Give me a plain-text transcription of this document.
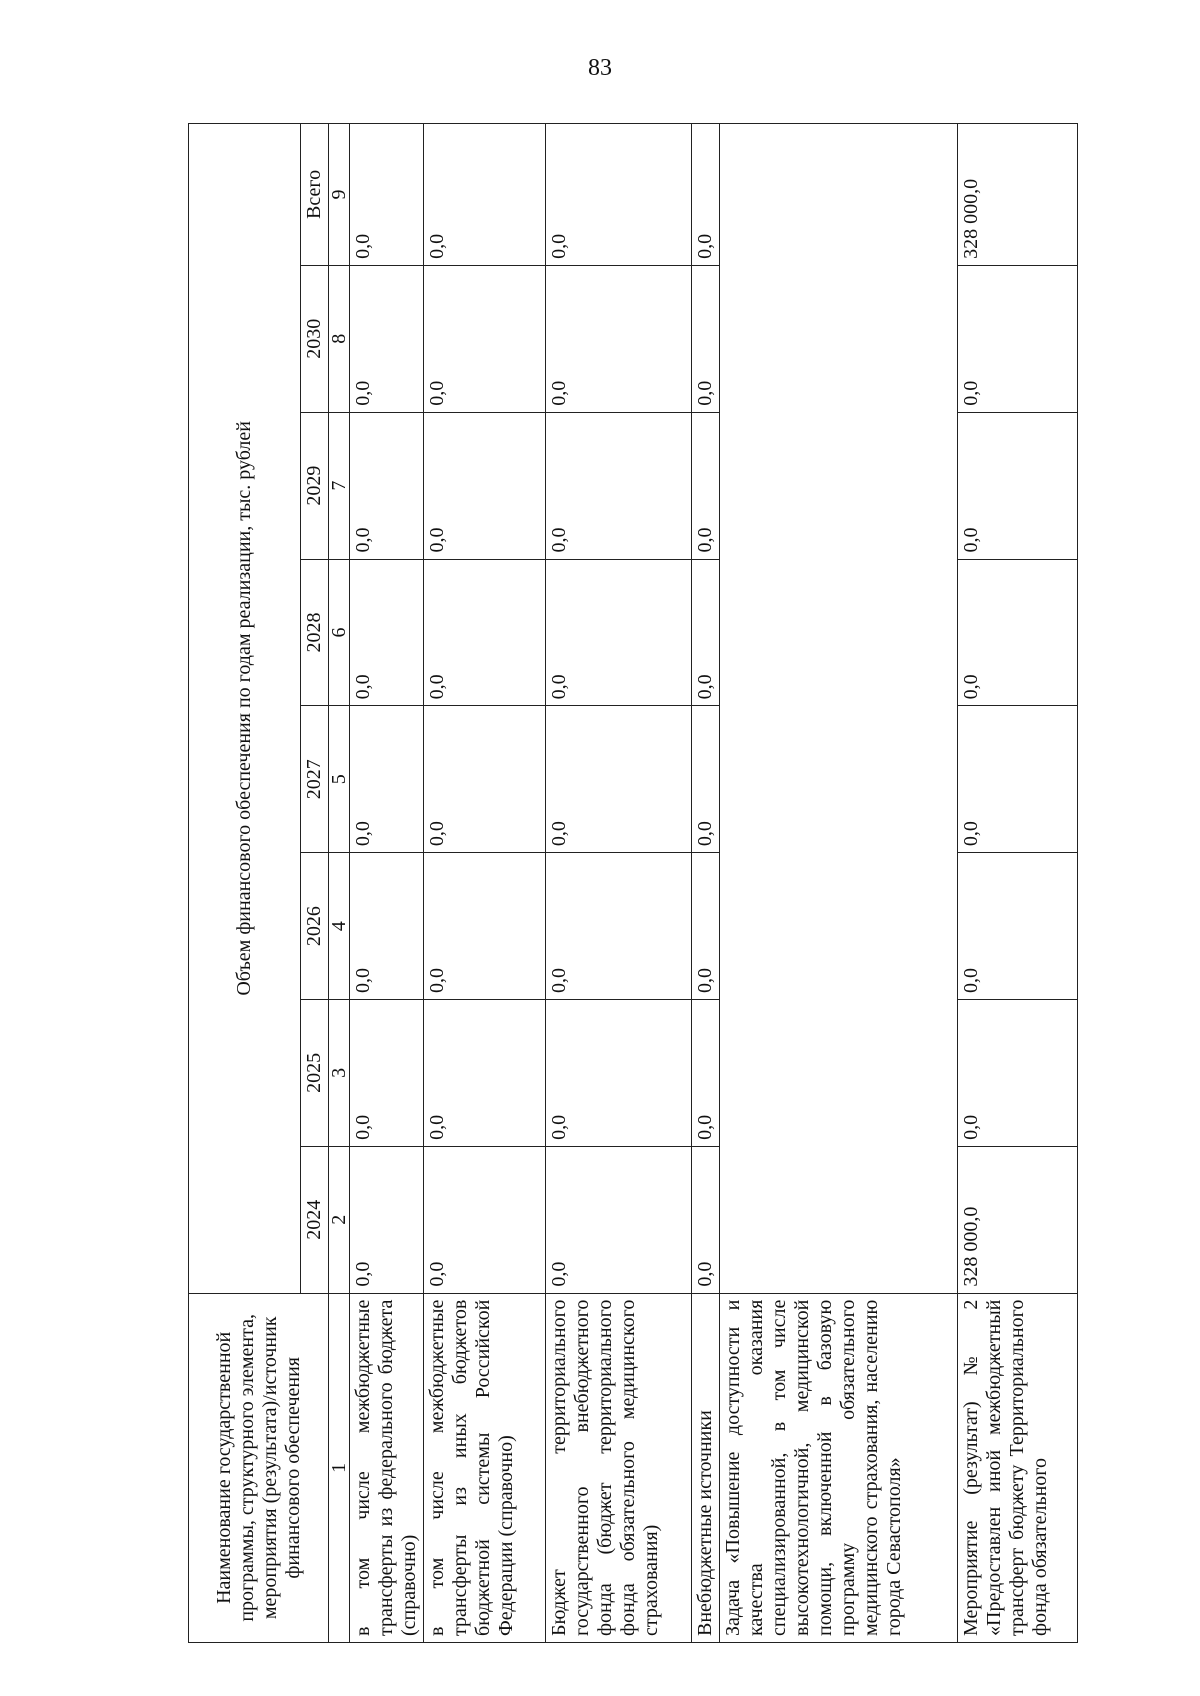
83
Наименование государственной программы, структурного элемента, мероприятия (результата)/источник финансового обеспечения	Объем финансового обеспечения по годам реализации, тыс. рублей							
	2024	2025	2026	2027	2028	2029	2030	Всего
1	2	3	4	5	6	7	8	9
в том числе межбюджетные трансферты из федерального бюджета (справочно)	0,0	0,0	0,0	0,0	0,0	0,0	0,0	0,0
в том числе межбюджетные трансферты из иных бюджетов бюджетной системы Российской Федерации (справочно)	0,0	0,0	0,0	0,0	0,0	0,0	0,0	0,0
Бюджет территориального государственного внебюджетного фонда (бюджет территориального фонда обязательного медицинского страхования)	0,0	0,0	0,0	0,0	0,0	0,0	0,0	0,0
Внебюджетные источники	0,0	0,0	0,0	0,0	0,0	0,0	0,0	0,0
Задача «Повышение доступности и качества оказания специализированной, в том числе высокотехнологичной, медицинской помощи, включенной в базовую программу обязательного медицинского страхования, населению города Севастополя»								
Мероприятие (результат) № 2 «Предоставлен иной межбюджетный трансферт бюджету Территориального фонда обязательного	328 000,0	0,0	0,0	0,0	0,0	0,0	0,0	328 000,0
